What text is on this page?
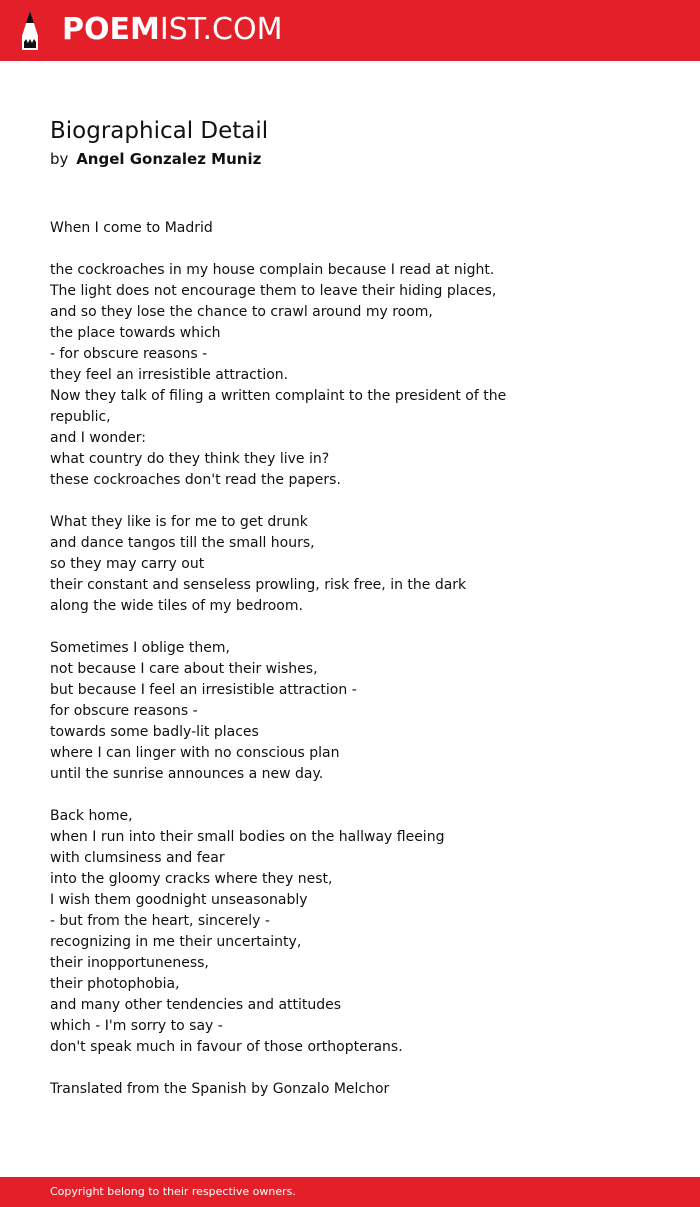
POEMIST.COM
Biographical Detail
by Angel Gonzalez Muniz
When I come to Madrid
the cockroaches in my house complain because I read at night.
The light does not encourage them to leave their hiding places,
and so they lose the chance to crawl around my room,
the place towards which
- for obscure reasons -
they feel an irresistible attraction.
Now they talk of filing a written complaint to the president of the
republic,
and I wonder:
what country do they think they live in?
these cockroaches don't read the papers.
What they like is for me to get drunk
and dance tangos till the small hours,
so they may carry out
their constant and senseless prowling, risk free, in the dark
along the wide tiles of my bedroom.
Sometimes I oblige them,
not because I care about their wishes,
but because I feel an irresistible attraction -
for obscure reasons -
towards some badly-lit places
where I can linger with no conscious plan
until the sunrise announces a new day.
Back home,
when I run into their small bodies on the hallway fleeing
with clumsiness and fear
into the gloomy cracks where they nest,
I wish them goodnight unseasonably
- but from the heart, sincerely -
recognizing in me their uncertainty,
their inopportuneness,
their photophobia,
and many other tendencies and attitudes
which - I'm sorry to say -
don't speak much in favour of those orthopterans.
Translated from the Spanish by Gonzalo Melchor
Copyright belong to their respective owners.
